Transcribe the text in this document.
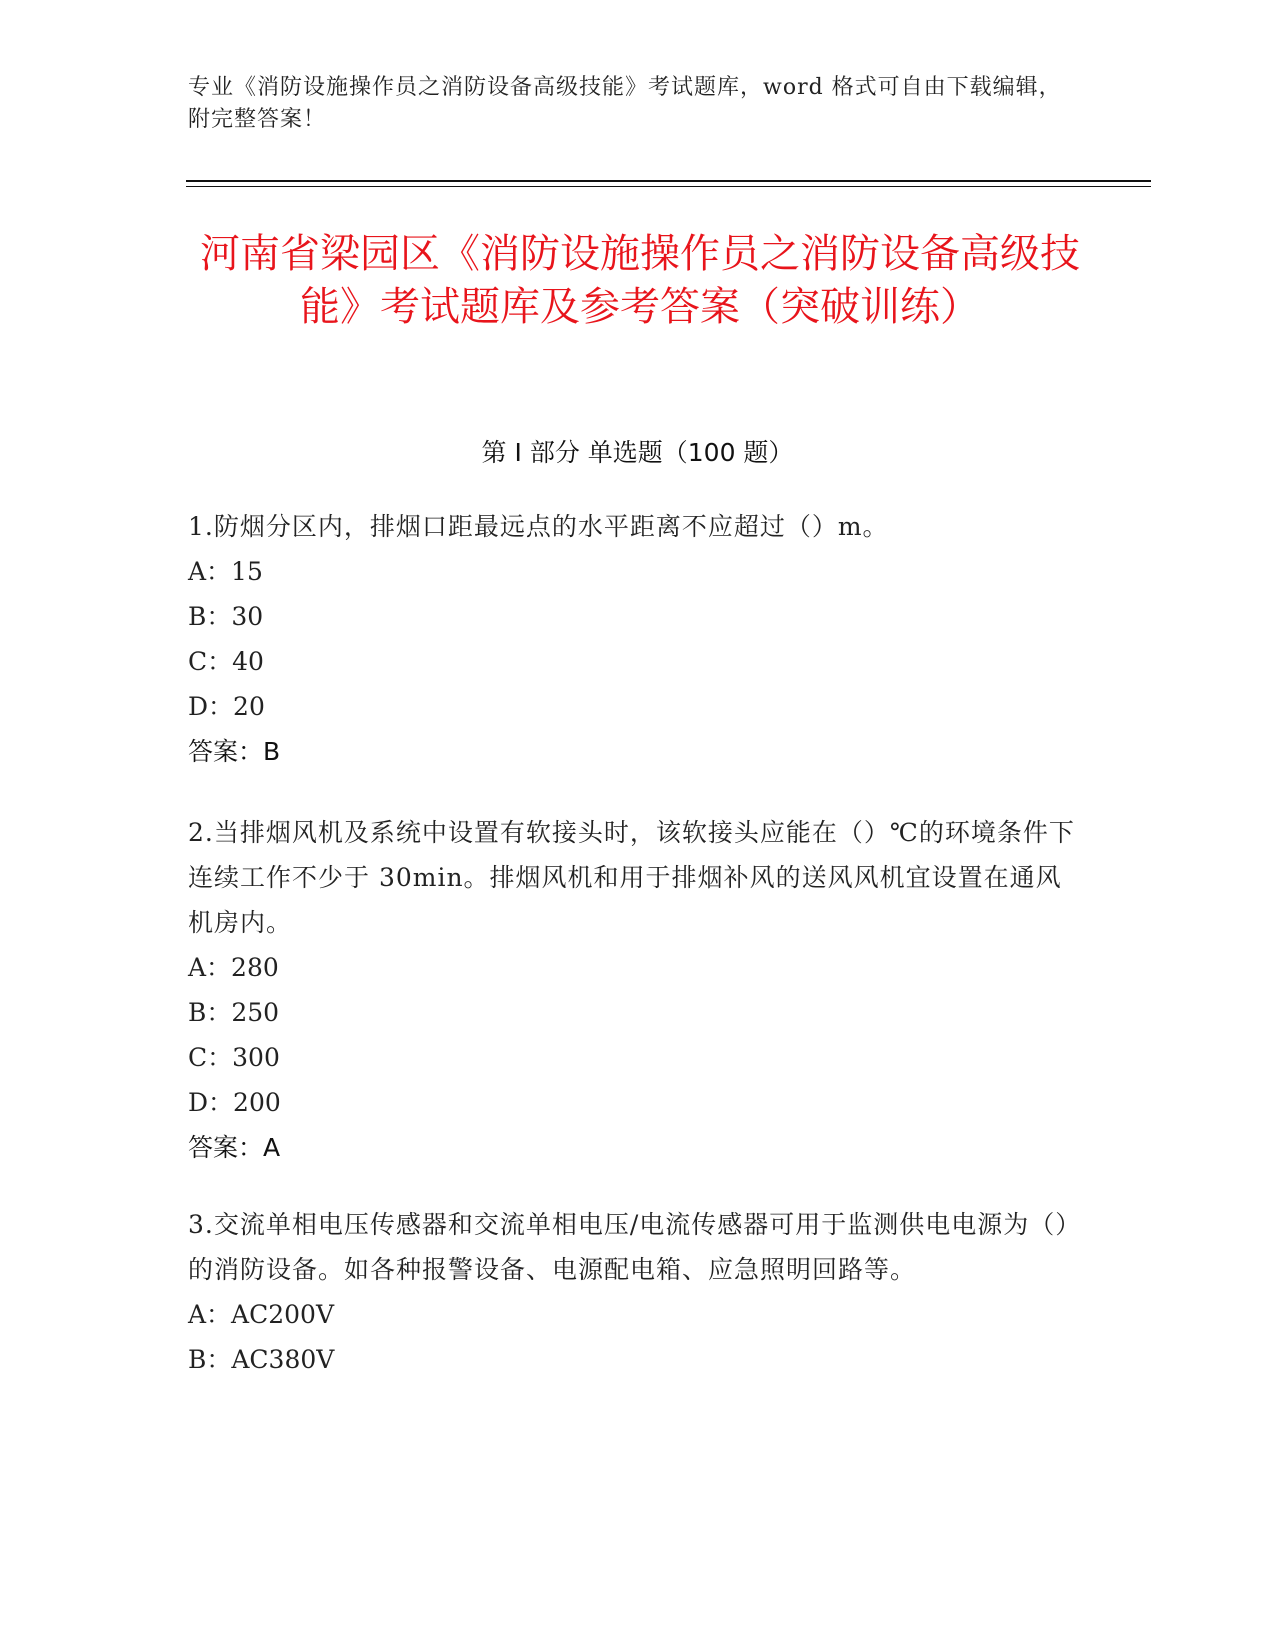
专业《消防设施操作员之消防设备高级技能》考试题库，word 格式可自由下载编辑，附完整答案！
河南省梁园区《消防设施操作员之消防设备高级技能》考试题库及参考答案（突破训练）
第 I 部分 单选题（100 题）
1.防烟分区内，排烟口距最远点的水平距离不应超过（）m。
A：15
B：30
C：40
D：20
答案：B
2.当排烟风机及系统中设置有软接头时，该软接头应能在（）℃的环境条件下连续工作不少于 30min。排烟风机和用于排烟补风的送风风机宜设置在通风机房内。
A：280
B：250
C：300
D：200
答案：A
3.交流单相电压传感器和交流单相电压/电流传感器可用于监测供电电源为（）的消防设备。如各种报警设备、电源配电箱、应急照明回路等。
A：AC200V
B：AC380V
